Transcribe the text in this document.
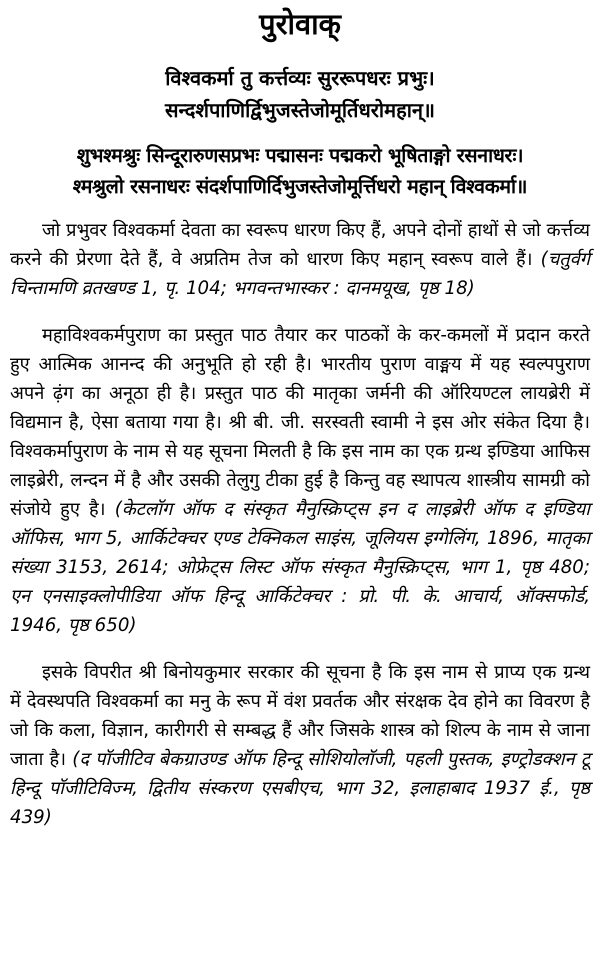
पुरोवाक्
विश्वकर्मा तु कर्त्तव्यः सुररूपधरः प्रभुः।
सन्दर्शपाणिर्द्विभुजस्तेजोमूर्तिधरोमहान्॥
शुभश्मश्रुः सिन्दूरारुणसप्रभः पद्मासनः पद्मकरो भूषिताङ्गो रसनाधरः।
श्मश्रुलो रसनाधरः संदर्शपाणिर्दिभुजस्तेजोमूर्त्तिधरो महान् विश्वकर्मा॥

जो प्रभुवर विश्वकर्मा देवता का स्वरूप धारण किए हैं, अपने दोनों हाथों से जो कर्त्तव्य करने की प्रेरणा देते हैं, वे अप्रतिम तेज को धारण किए महान् स्वरूप वाले हैं। (चतुर्वर्ग चिन्तामणि व्रतखण्ड 1, पृ. 104; भगवन्तभास्कर : दानमयूख, पृष्ठ 18)

महाविश्वकर्मपुराण का प्रस्तुत पाठ तैयार कर पाठकों के कर-कमलों में प्रदान करते हुए आत्मिक आनन्द की अनुभूति हो रही है। भारतीय पुराण वाङ्मय में यह स्वल्पपुराण अपने ढ़ंग का अनूठा ही है। प्रस्तुत पाठ की मातृका जर्मनी की ऑरियण्टल लायब्रेरी में विद्यमान है, ऐसा बताया गया है। श्री बी. जी. सरस्वती स्वामी ने इस ओर संकेत दिया है। विश्वकर्मापुराण के नाम से यह सूचना मिलती है कि इस नाम का एक ग्रन्थ इण्डिया आफिस लाइब्रेरी, लन्दन में है और उसकी तेलुगु टीका हुई है किन्तु वह स्थापत्य शास्त्रीय सामग्री को संजोये हुए है। (केटलॉग ऑफ द संस्कृत मैनुस्क्रिप्ट्स इन द लाइब्रेरी ऑफ द इण्डिया ऑफिस, भाग 5, आर्किटेक्चर एण्ड टेक्निकल साइंस, जूलियस इग्गेलिंग, 1896, मातृका संख्या 3153, 2614; ओफ्रेट्स लिस्ट ऑफ संस्कृत मैनुस्क्रिप्ट्स, भाग 1, पृष्ठ 480; एन एनसाइक्लोपीडिया ऑफ हिन्दू आर्किटेक्चर : प्रो. पी. के. आचार्य, ऑक्सफोर्ड, 1946, पृष्ठ 650)

इसके विपरीत श्री बिनोयकुमार सरकार की सूचना है कि इस नाम से प्राप्य एक ग्रन्थ में देवस्थपति विश्वकर्मा का मनु के रूप में वंश प्रवर्तक और संरक्षक देव होने का विवरण है जो कि कला, विज्ञान, कारीगरी से सम्बद्ध हैं और जिसके शास्त्र को शिल्प के नाम से जाना जाता है। (द पॉजीटिव बेकग्राउण्ड ऑफ हिन्दू सोशियोलॉजी, पहली पुस्तक, इण्ट्रोडक्शन टू हिन्दू पॉजीटिविज्म, द्वितीय संस्करण एसबीएच, भाग 32, इलाहाबाद 1937 ई., पृष्ठ 439)
